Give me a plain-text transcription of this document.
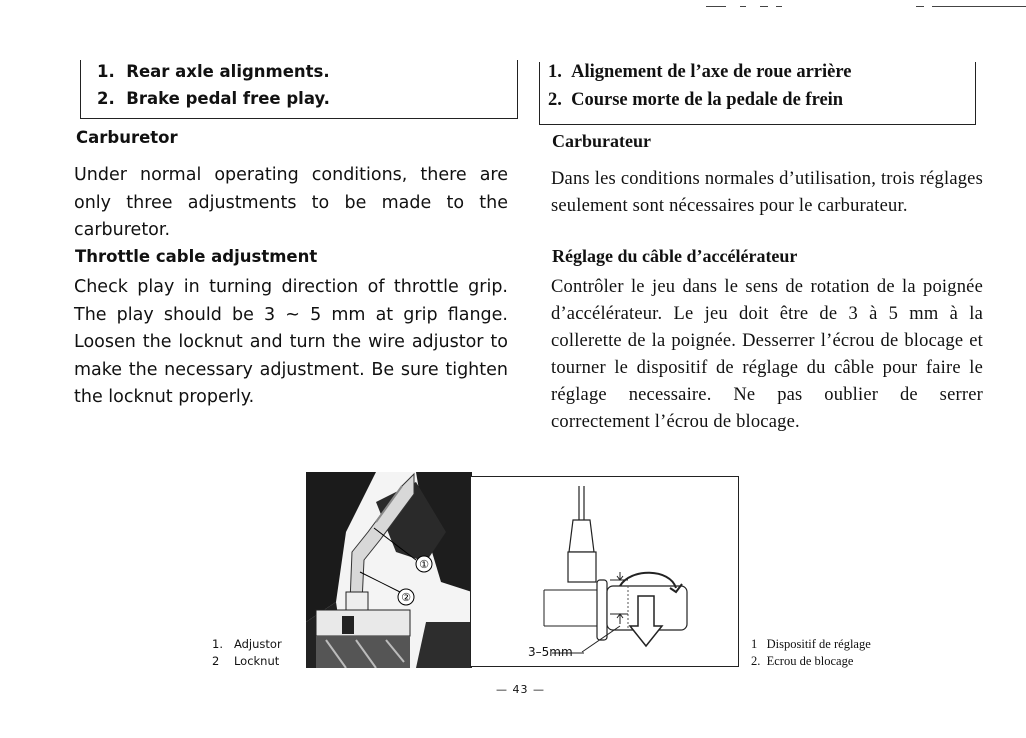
1. Rear axle alignments.
2. Brake pedal free play.
1. Alignement de l’axe de roue arrière
2. Course morte de la pedale de frein
Carburetor
Under normal operating conditions, there are only three adjustments to be made to the carburetor.
Throttle cable adjustment
Check play in turning direction of throttle grip. The play should be 3 ~ 5 mm at grip flange. Loosen the locknut and turn the wire adjustor to make the necessary adjustment. Be sure tighten the locknut properly.
Carburateur
Dans les conditions normales d’utilisation, trois réglages seulement sont nécessaires pour le carburateur.
Réglage du câble d’accélérateur
Contrôler le jeu dans le sens de rotation de la poignée d’accélérateur. Le jeu doit être de 3 à 5 mm à la collerette de la poignée. Desserrer l’écrou de blocage et tourner le dispositif de réglage du câble pour faire le réglage necessaire. Ne pas oublier de serrer correctement l’écrou de blocage.
①
②
3–5mm
1. Adjustor
2 Locknut
1 Dispositif de réglage
2. Ecrou de blocage
— 43 —
